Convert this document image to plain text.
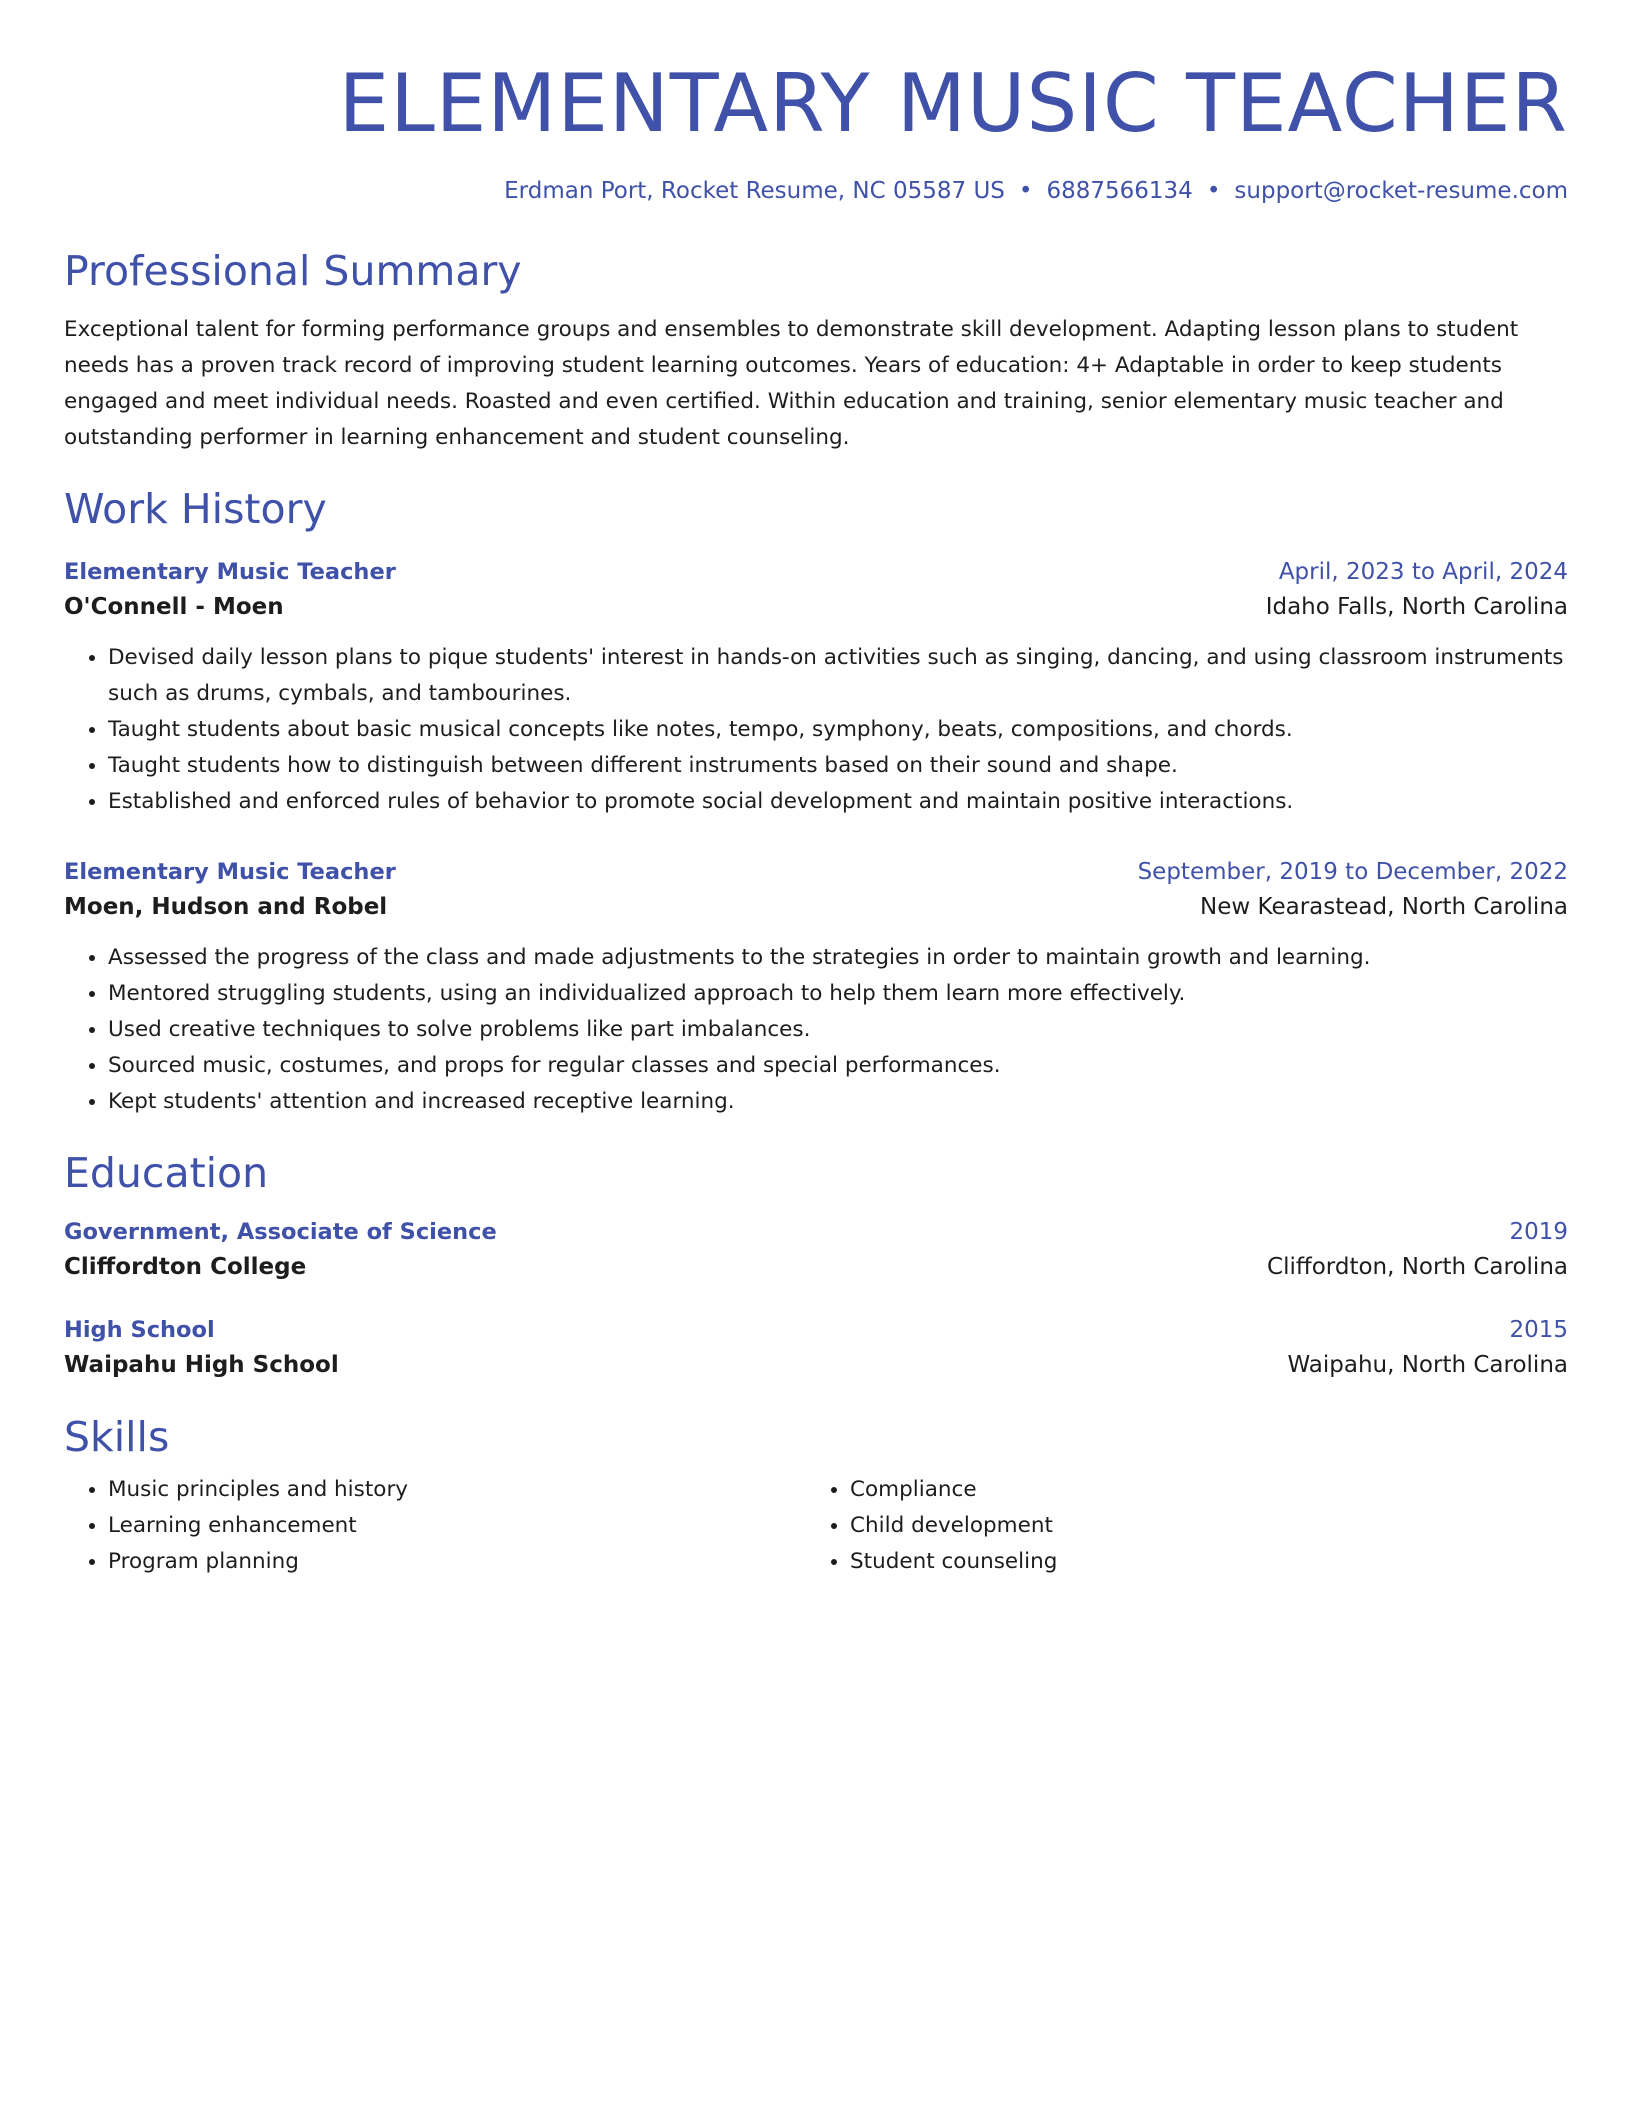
ELEMENTARY MUSIC TEACHER
Erdman Port, Rocket Resume, NC 05587 US • 6887566134 • support@rocket-resume.com
Professional Summary
Exceptional talent for forming performance groups and ensembles to demonstrate skill development. Adapting lesson plans to student needs has a proven track record of improving student learning outcomes. Years of education: 4+ Adaptable in order to keep students engaged and meet individual needs. Roasted and even certified. Within education and training, senior elementary music teacher and outstanding performer in learning enhancement and student counseling.
Work History
Elementary Music Teacher	April, 2023 to April, 2024
O'Connell - Moen	Idaho Falls, North Carolina
• Devised daily lesson plans to pique students' interest in hands-on activities such as singing, dancing, and using classroom instruments such as drums, cymbals, and tambourines.
• Taught students about basic musical concepts like notes, tempo, symphony, beats, compositions, and chords.
• Taught students how to distinguish between different instruments based on their sound and shape.
• Established and enforced rules of behavior to promote social development and maintain positive interactions.
Elementary Music Teacher	September, 2019 to December, 2022
Moen, Hudson and Robel	New Kearastead, North Carolina
• Assessed the progress of the class and made adjustments to the strategies in order to maintain growth and learning.
• Mentored struggling students, using an individualized approach to help them learn more effectively.
• Used creative techniques to solve problems like part imbalances.
• Sourced music, costumes, and props for regular classes and special performances.
• Kept students' attention and increased receptive learning.
Education
Government, Associate of Science	2019
Cliffordton College	Cliffordton, North Carolina
High School	2015
Waipahu High School	Waipahu, North Carolina
Skills
• Music principles and history
• Learning enhancement
• Program planning
• Compliance
• Child development
• Student counseling
